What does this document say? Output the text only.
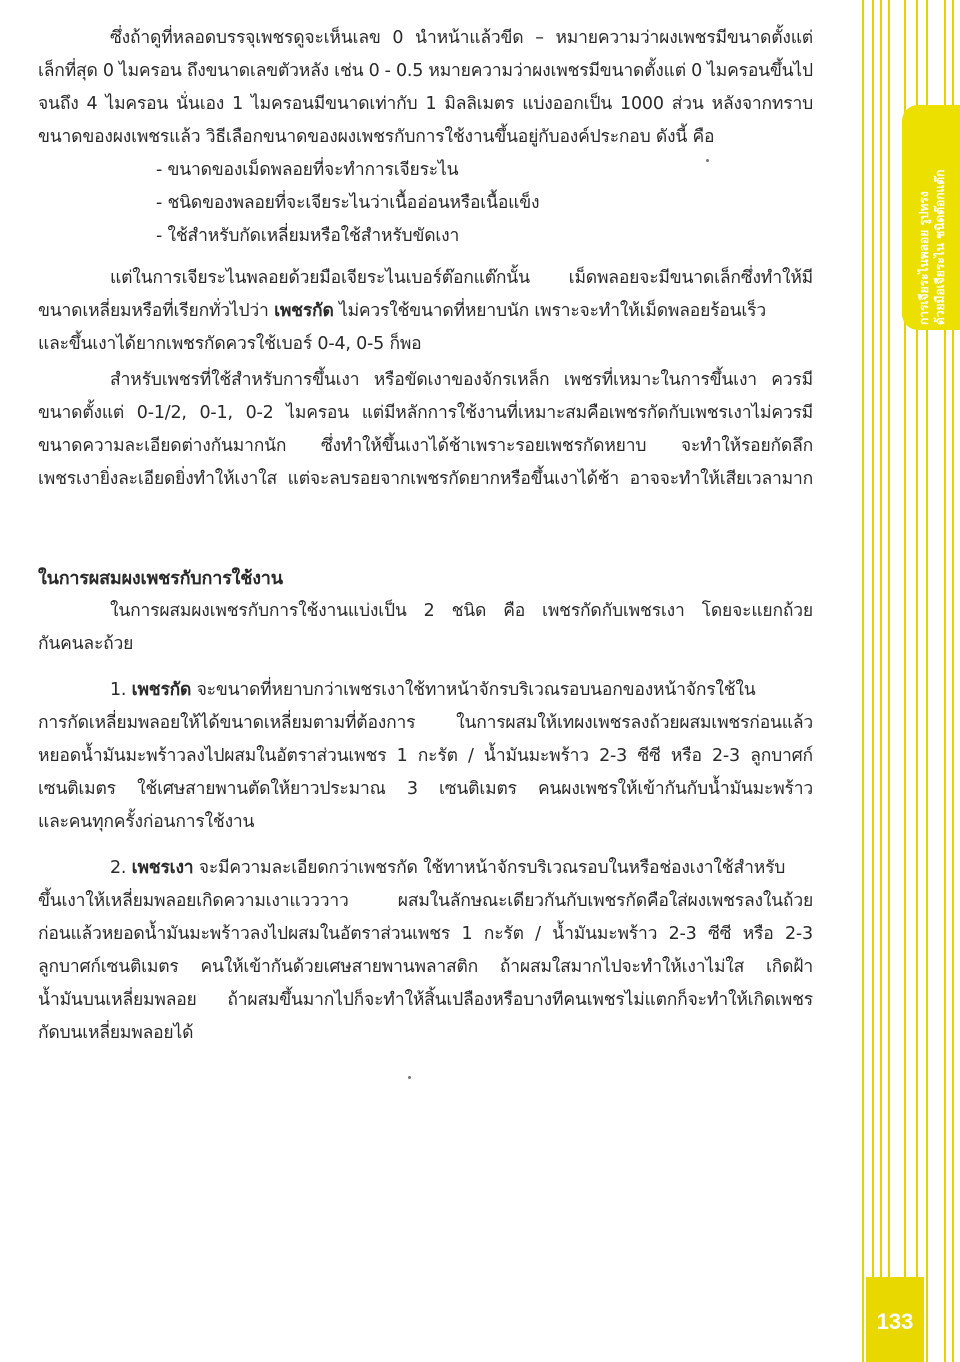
การเจียระไนพลอย รูปทรง ด้วยมือเจียระไน ชนิดต๊อกแต๊ก
133
ซึ่งถ้าดูที่หลอดบรรจุเพชรดูจะเห็นเลข 0 นำหน้าแล้วขีด – หมายความว่าผงเพชรมีขนาดตั้งแต่
เล็กที่สุด 0 ไมครอน ถึงขนาดเลขตัวหลัง เช่น 0 - 0.5 หมายความว่าผงเพชรมีขนาดตั้งแต่ 0 ไมครอนขึ้นไป
จนถึง 4 ไมครอน นั่นเอง 1 ไมครอนมีขนาดเท่ากับ 1 มิลลิเมตร แบ่งออกเป็น 1000 ส่วน หลังจากทราบ
ขนาดของผงเพชรแล้ว วิธีเลือกขนาดของผงเพชรกับการใช้งานขึ้นอยู่กับองค์ประกอบ ดังนี้ คือ
- ขนาดของเม็ดพลอยที่จะทำการเจียระไน
- ชนิดของพลอยที่จะเจียระไนว่าเนื้ออ่อนหรือเนื้อแข็ง
- ใช้สำหรับกัดเหลี่ยมหรือใช้สำหรับขัดเงา
แต่ในการเจียระไนพลอยด้วยมือเจียระไนเบอร์ต๊อกแต๊กนั้น เม็ดพลอยจะมีขนาดเล็กซึ่งทำให้มี
ขนาดเหลี่ยมหรือที่เรียกทั่วไปว่า เพชรกัด ไม่ควรใช้ขนาดที่หยาบนัก เพราะจะทำให้เม็ดพลอยร้อนเร็ว
และขึ้นเงาได้ยากเพชรกัดควรใช้เบอร์ 0-4, 0-5 ก็พอ
สำหรับเพชรที่ใช้สำหรับการขึ้นเงา หรือขัดเงาของจักรเหล็ก เพชรที่เหมาะในการขึ้นเงา ควรมี
ขนาดตั้งแต่ 0-1/2, 0-1, 0-2 ไมครอน แต่มีหลักการใช้งานที่เหมาะสมคือเพชรกัดกับเพชรเงาไม่ควรมี
ขนาดความละเอียดต่างกันมากนัก ซึ่งทำให้ขึ้นเงาได้ช้าเพราะรอยเพชรกัดหยาบ จะทำให้รอยกัดลึก
เพชรเงายิ่งละเอียดยิ่งทำให้เงาใส แต่จะลบรอยจากเพชรกัดยากหรือขึ้นเงาได้ช้า อาจจะทำให้เสียเวลามาก
ในการผสมผงเพชรกับการใช้งาน
ในการผสมผงเพชรกับการใช้งานแบ่งเป็น 2 ชนิด คือ เพชรกัดกับเพชรเงา โดยจะแยกถ้วย
กันคนละถ้วย
1. เพชรกัด จะขนาดที่หยาบกว่าเพชรเงาใช้ทาหน้าจักรบริเวณรอบนอกของหน้าจักรใช้ใน
การกัดเหลี่ยมพลอยให้ได้ขนาดเหลี่ยมตามที่ต้องการ ในการผสมให้เทผงเพชรลงถ้วยผสมเพชรก่อนแล้ว
หยอดน้ำมันมะพร้าวลงไปผสมในอัตราส่วนเพชร 1 กะรัต / น้ำมันมะพร้าว 2-3 ซีซี หรือ 2-3 ลูกบาศก์
เซนติเมตร ใช้เศษสายพานตัดให้ยาวประมาณ 3 เซนติเมตร คนผงเพชรให้เข้ากันกับน้ำมันมะพร้าว
และคนทุกครั้งก่อนการใช้งาน
2. เพชรเงา จะมีความละเอียดกว่าเพชรกัด ใช้ทาหน้าจักรบริเวณรอบในหรือช่องเงาใช้สำหรับ
ขึ้นเงาให้เหลี่ยมพลอยเกิดความเงาแวววาว	ผสมในลักษณะเดียวกันกับเพชรกัดคือใส่ผงเพชรลงในถ้วย
ก่อนแล้วหยอดน้ำมันมะพร้าวลงไปผสมในอัตราส่วนเพชร 1 กะรัต / น้ำมันมะพร้าว 2-3 ซีซี หรือ 2-3
ลูกบาศก์เซนติเมตร คนให้เข้ากันด้วยเศษสายพานพลาสติก ถ้าผสมใสมากไปจะทำให้เงาไม่ใส เกิดฝ้า
น้ำมันบนเหลี่ยมพลอย ถ้าผสมขึ้นมากไปก็จะทำให้สิ้นเปลืองหรือบางทีคนเพชรไม่แตกก็จะทำให้เกิดเพชร
กัดบนเหลี่ยมพลอยได้
